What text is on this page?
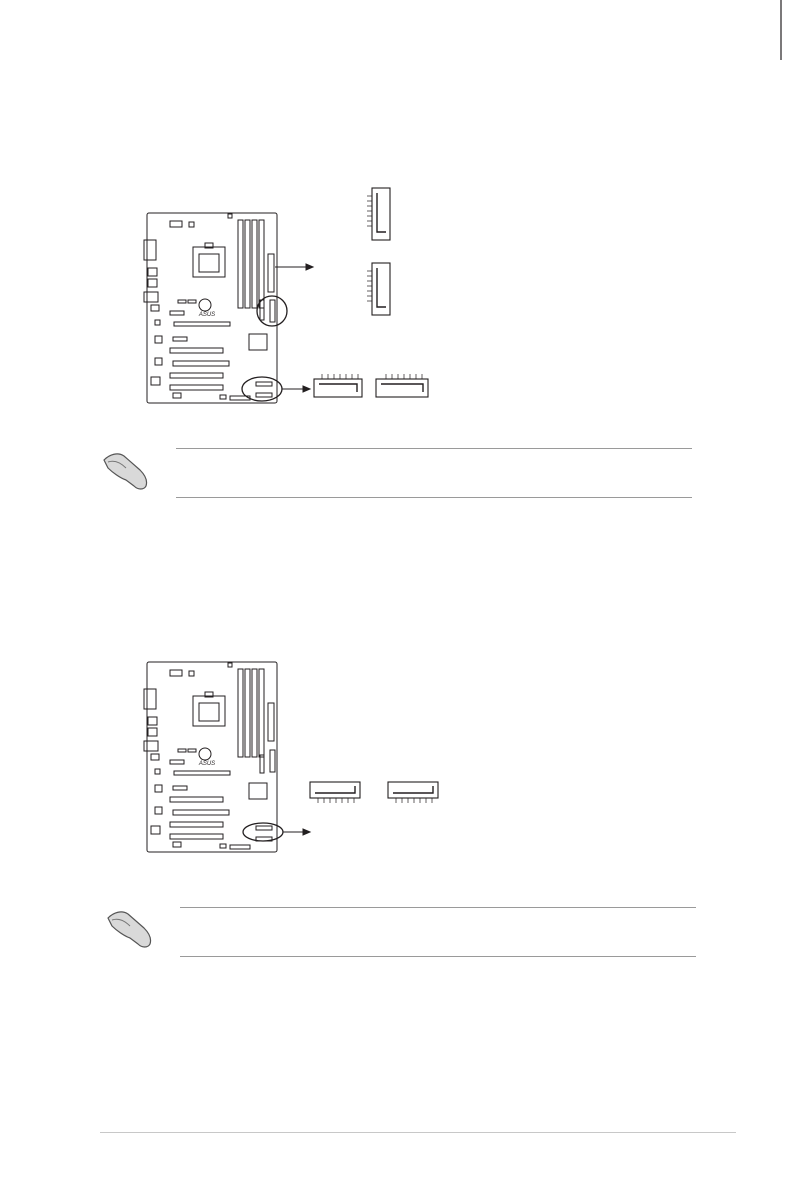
ASUS
ASUS
